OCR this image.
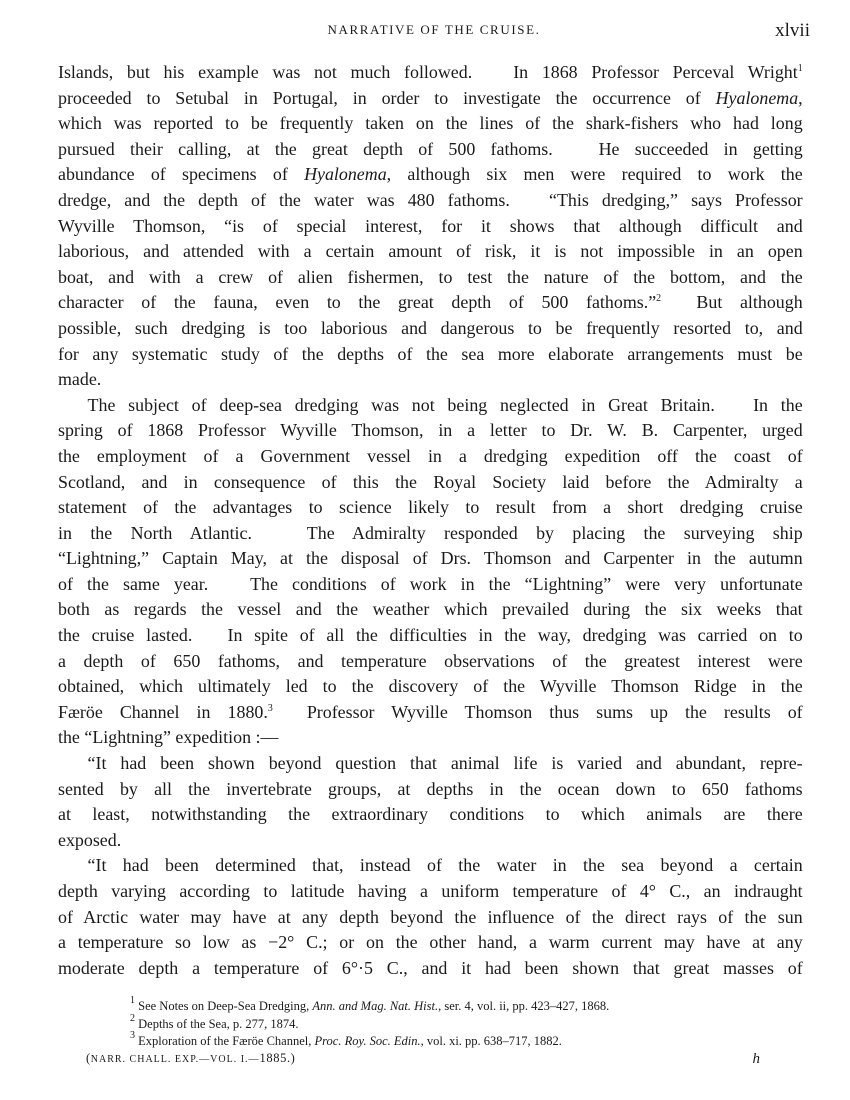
NARRATIVE OF THE CRUISE.	xlvii

Islands, but his example was not much followed.   In 1868 Professor Perceval Wright$^1$
proceeded to Setubal in Portugal, in order to investigate the occurrence of Hyalonema,
which was reported to be frequently taken on the lines of the shark-fishers who had long
pursued their calling, at the great depth of 500 fathoms.   He succeeded in getting
abundance of specimens of Hyalonema, although six men were required to work the
dredge, and the depth of the water was 480 fathoms.   “This dredging,” says Professor
Wyville Thomson, “is of special interest, for it shows that although difficult and
laborious, and attended with a certain amount of risk, it is not impossible in an open
boat, and with a crew of alien fishermen, to test the nature of the bottom, and the
character of the fauna, even to the great depth of 500 fathoms.”$^2$  But although
possible, such dredging is too laborious and dangerous to be frequently resorted to, and
for any systematic study of the depths of the sea more elaborate arrangements must be
made.

The subject of deep-sea dredging was not being neglected in Great Britain.   In the
spring of 1868 Professor Wyville Thomson, in a letter to Dr. W. B. Carpenter, urged
the employment of a Government vessel in a dredging expedition off the coast of
Scotland, and in consequence of this the Royal Society laid before the Admiralty a
statement of the advantages to science likely to result from a short dredging cruise
in the North Atlantic.   The Admiralty responded by placing the surveying ship
“Lightning,” Captain May, at the disposal of Drs. Thomson and Carpenter in the autumn
of the same year.   The conditions of work in the “Lightning” were very unfortunate
both as regards the vessel and the weather which prevailed during the six weeks that
the cruise lasted.   In spite of all the difficulties in the way, dredging was carried on to
a depth of 650 fathoms, and temperature observations of the greatest interest were
obtained, which ultimately led to the discovery of the Wyville Thomson Ridge in the
Færöe Channel in 1880.$^3$  Professor Wyville Thomson thus sums up the results of
the “Lightning” expedition :—

“It had been shown beyond question that animal life is varied and abundant, repre-
sented by all the invertebrate groups, at depths in the ocean down to 650 fathoms
at least, notwithstanding the extraordinary conditions to which animals are there
exposed.

“It had been determined that, instead of the water in the sea beyond a certain
depth varying according to latitude having a uniform temperature of 4° C., an indraught
of Arctic water may have at any depth beyond the influence of the direct rays of the sun
a temperature so low as −2° C.; or on the other hand, a warm current may have at any
moderate depth a temperature of 6°·5 C., and it had been shown that great masses of

$^1$ See Notes on Deep-Sea Dredging, Ann. and Mag. Nat. Hist., ser. 4, vol. ii, pp. 423–427, 1868.
$^2$ Depths of the Sea, p. 277, 1874.
$^3$ Exploration of the Færöe Channel, Proc. Roy. Soc. Edin., vol. xi. pp. 638–717, 1882.
(NARR. CHALL. EXP.—VOL. I.—1885.)	h
